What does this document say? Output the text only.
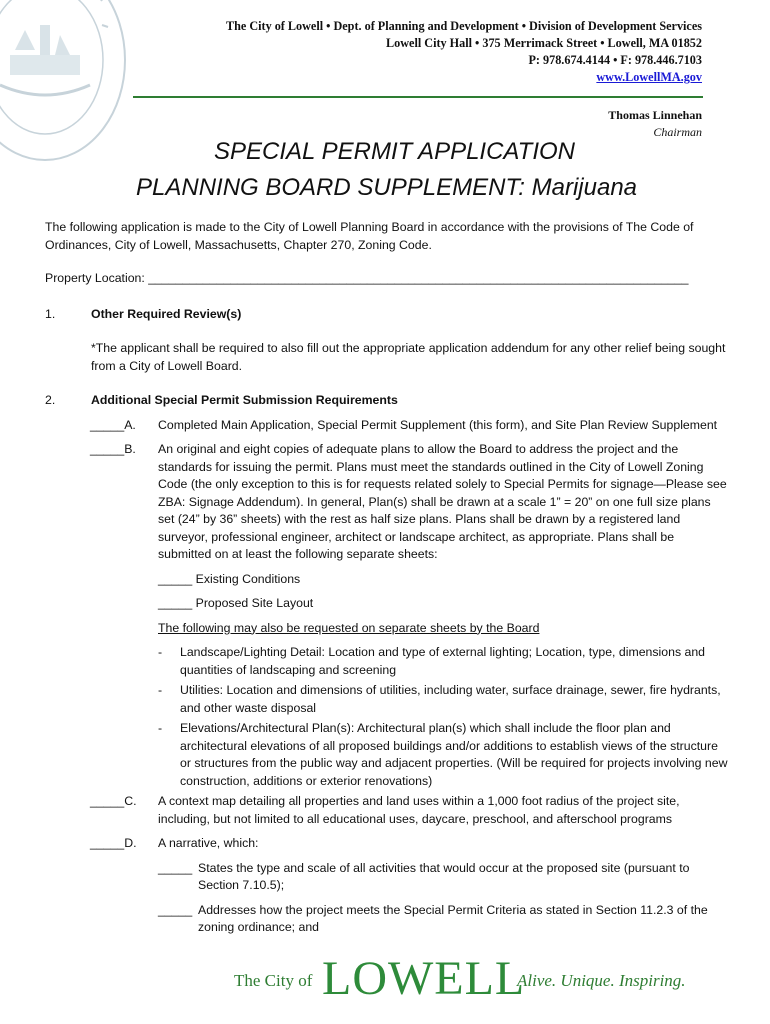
The City of Lowell • Dept. of Planning and Development • Division of Development Services
Lowell City Hall • 375 Merrimack Street • Lowell, MA 01852
P: 978.674.4144 • F: 978.446.7103
www.LowellMA.gov
Thomas Linnehan
Chairman
SPECIAL PERMIT APPLICATION
PLANNING BOARD SUPPLEMENT: Marijuana

The following application is made to the City of Lowell Planning Board in accordance with the provisions of The Code of Ordinances, City of Lowell, Massachusetts, Chapter 270, Zoning Code.

Property Location: _______________________________________________________________________________

1.	Other Required Review(s)

*The applicant shall be required to also fill out the appropriate application addendum for any other relief being sought from a City of Lowell Board.

2.	Additional Special Permit Submission Requirements
_____A.	Completed Main Application, Special Permit Supplement (this form), and Site Plan Review Supplement
_____B.	An original and eight copies of adequate plans to allow the Board to address the project and the standards for issuing the permit. Plans must meet the standards outlined in the City of Lowell Zoning Code (the only exception to this is for requests related solely to Special Permits for signage—Please see ZBA: Signage Addendum). In general, Plan(s) shall be drawn at a scale 1” = 20” on one full size plans set (24” by 36” sheets) with the rest as half size plans. Plans shall be drawn by a registered land surveyor, professional engineer, architect or landscape architect, as appropriate. Plans shall be submitted on at least the following separate sheets:
_____ Existing Conditions
_____ Proposed Site Layout
The following may also be requested on separate sheets by the Board
-	Landscape/Lighting Detail: Location and type of external lighting; Location, type, dimensions and quantities of landscaping and screening
-	Utilities: Location and dimensions of utilities, including water, surface drainage, sewer, fire hydrants, and other waste disposal
-	Elevations/Architectural Plan(s): Architectural plan(s) which shall include the floor plan and architectural elevations of all proposed buildings and/or additions to establish views of the structure or structures from the public way and adjacent properties. (Will be required for projects involving new construction, additions or exterior renovations)
_____C.	A context map detailing all properties and land uses within a 1,000 foot radius of the project site, including, but not limited to all educational uses, daycare, preschool, and afterschool programs
_____D.	A narrative, which:
_____ States the type and scale of all activities that would occur at the proposed site (pursuant to Section 7.10.5);
_____ Addresses how the project meets the Special Permit Criteria as stated in Section 11.2.3 of the zoning ordinance; and
The City of LOWELL
Alive. Unique. Inspiring.
